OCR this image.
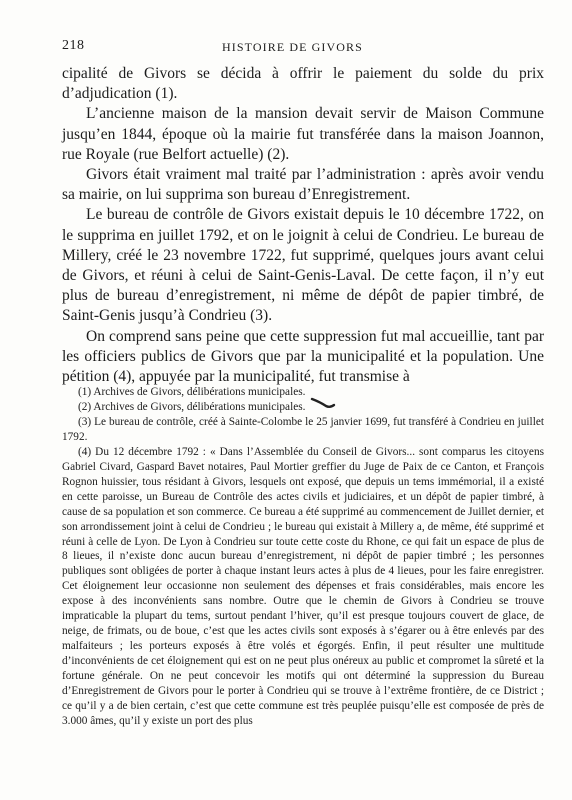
218	HISTOIRE DE GIVORS

cipalité de Givors se décida à offrir le paiement du solde du prix d’adjudication (1).

L’ancienne maison de la mansion devait servir de Maison Commune jusqu’en 1844, époque où la mairie fut transférée dans la maison Joannon, rue Royale (rue Belfort actuelle) (2).

Givors était vraiment mal traité par l’administration : après avoir vendu sa mairie, on lui supprima son bureau d’Enregistrement.

Le bureau de contrôle de Givors existait depuis le 10 décembre 1722, on le supprima en juillet 1792, et on le joignit à celui de Condrieu. Le bureau de Millery, créé le 23 novembre 1722, fut supprimé, quelques jours avant celui de Givors, et réuni à celui de Saint-Genis-Laval. De cette façon, il n’y eut plus de bureau d’enregistrement, ni même de dépôt de papier timbré, de Saint-Genis jusqu’à Condrieu (3).

On comprend sans peine que cette suppression fut mal accueillie, tant par les officiers publics de Givors que par la municipalité et la population. Une pétition (4), appuyée par la municipalité, fut transmise à

(1) Archives de Givors, délibérations municipales.

(2) Archives de Givors, délibérations municipales.

(3) Le bureau de contrôle, créé à Sainte-Colombe le 25 janvier 1699, fut transféré à Condrieu en juillet 1792.

(4) Du 12 décembre 1792 : « Dans l’Assemblée du Conseil de Givors... sont comparus les citoyens Gabriel Civard, Gaspard Bavet notaires, Paul Mortier greffier du Juge de Paix de ce Canton, et François Rognon huissier, tous résidant à Givors, lesquels ont exposé, que depuis un tems immémorial, il a existé en cette paroisse, un Bureau de Contrôle des actes civils et judiciaires, et un dépôt de papier timbré, à cause de sa population et son commerce. Ce bureau a été supprimé au commencement de Juillet dernier, et son arrondissement joint à celui de Condrieu ; le bureau qui existait à Millery a, de même, été supprimé et réuni à celle de Lyon. De Lyon à Condrieu sur toute cette coste du Rhone, ce qui fait un espace de plus de 8 lieues, il n’existe donc aucun bureau d’enregistrement, ni dépôt de papier timbré ; les personnes publiques sont obligées de porter à chaque instant leurs actes à plus de 4 lieues, pour les faire enregistrer. Cet éloignement leur occasionne non seulement des dépenses et frais considérables, mais encore les expose à des inconvénients sans nombre. Outre que le chemin de Givors à Condrieu se trouve impraticable la plupart du tems, surtout pendant l’hiver, qu’il est presque toujours couvert de glace, de neige, de frimats, ou de boue, c’est que les actes civils sont exposés à s’égarer ou à être enlevés par des malfaiteurs ; les porteurs exposés à être volés et égorgés. Enfin, il peut résulter une multitude d’inconvénients de cet éloignement qui est on ne peut plus onéreux au public et compromet la sûreté et la fortune générale. On ne peut concevoir les motifs qui ont déterminé la suppression du Bureau d’Enregistrement de Givors pour le porter à Condrieu qui se trouve à l’extrême frontière, de ce District ; ce qu’il y a de bien certain, c’est que cette commune est très peuplée puisqu’elle est composée de près de 3.000 âmes, qu’il y existe un port des plus
